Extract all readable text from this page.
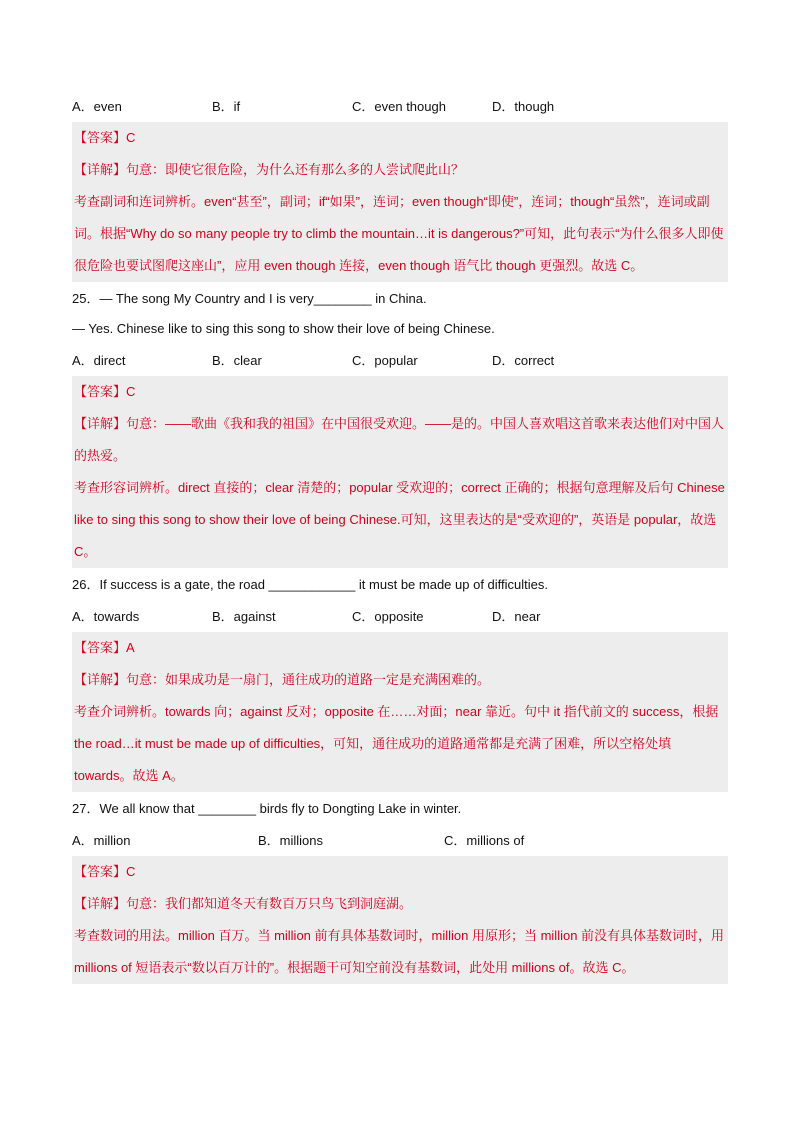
A．even	B．if	C．even though	D．though

【答案】C

【详解】句意：即使它很危险，为什么还有那么多的人尝试爬此山？

考查副词和连词辨析。even“甚至”，副词；if“如果”，连词；even though“即使”，连词；though“虽然”，连词或副词。根据“Why do so many people try to climb the mountain…it is dangerous?”可知，此句表示“为什么很多人即使很危险也要试图爬这座山”，应用 even though 连接，even though 语气比 though 更强烈。故选 C。

25．— The song My Country and I is very________ in China.
— Yes. Chinese like to sing this song to show their love of being Chinese.
A．direct	B．clear	C．popular	D．correct

【答案】C

【详解】句意：——歌曲《我和我的祖国》在中国很受欢迎。——是的。中国人喜欢唱这首歌来表达他们对中国人的热爱。

考查形容词辨析。direct 直接的；clear 清楚的；popular 受欢迎的；correct 正确的；根据句意理解及后句 Chinese like to sing this song to show their love of being Chinese.可知，这里表达的是“受欢迎的”，英语是 popular，故选 C。

26．If success is a gate, the road ____________ it must be made up of difficulties.
A．towards	B．against	C．opposite	D．near

【答案】A

【详解】句意：如果成功是一扇门，通往成功的道路一定是充满困难的。

考查介词辨析。towards 向；against 反对；opposite 在……对面；near 靠近。句中 it 指代前文的 success，根据 the road…it must be made up of difficulties，可知，通往成功的道路通常都是充满了困难，所以空格处填 towards。故选 A。

27．We all know that ________ birds fly to Dongting Lake in winter.
A．million	B．millions	C．millions of

【答案】C

【详解】句意：我们都知道冬天有数百万只鸟飞到洞庭湖。

考查数词的用法。million 百万。当 million 前有具体基数词时，million 用原形；当 million 前没有具体基数词时，用 millions of 短语表示“数以百万计的”。根据题干可知空前没有基数词，此处用 millions of。故选 C。
